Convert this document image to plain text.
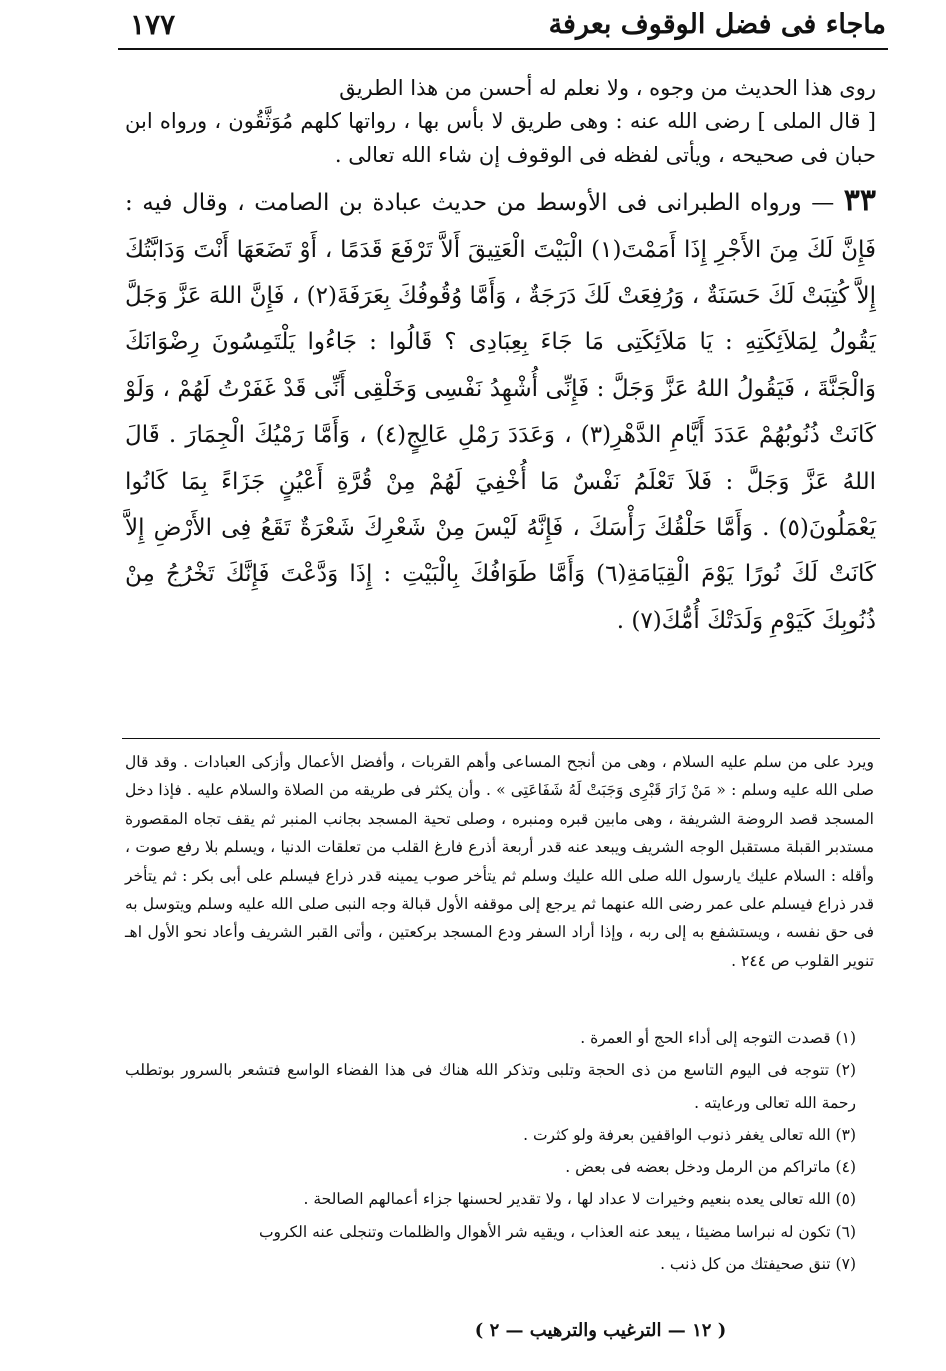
ماجاء فى فضل الوقوف بعرفة
١٧٧

روى هذا الحديث من وجوه ، ولا نعلم له أحسن من هذا الطريق

[ قال الملى ] رضى الله عنه : وهى طريق لا بأس بها ، رواتها كلهم مُوَثَّقُون ، ورواه ابن حبان فى صحيحه ، ويأتى لفظه فى الوقوف إن شاء الله تعالى .

٣٣ — ورواه الطبرانى فى الأوسط من حديث عبادة بن الصامت ، وقال فيه : فَإِنَّ لَكَ مِنَ الأَجْرِ إِذَا أَمَمْتَ(١) الْبَيْتَ الْعَتِيقَ أَلاَّ تَرْفَعَ قَدَمًا ، أَوْ تَضَعَهَا أَنْتَ وَدَابَّتُكَ إِلاَّ كُتِبَتْ لَكَ حَسَنَةٌ ، وَرُفِعَتْ لَكَ دَرَجَةٌ ، وَأَمَّا وُقُوفُكَ بِعَرَفَةَ(٢) ، فَإِنَّ اللهَ عَزَّ وَجَلَّ يَقُولُ لِمَلاَئِكَتِهِ : يَا مَلاَئِكَتِى مَا جَاءَ بِعِبَادِى ؟ قَالُوا : جَاءُوا يَلْتَمِسُونَ رِضْوَانَكَ وَالْجَنَّةَ ، فَيَقُولُ اللهُ عَزَّ وَجَلَّ : فَإِنِّى أُشْهِدُ نَفْسِى وَخَلْقِى أَنِّى قَدْ غَفَرْتُ لَهُمْ ، وَلَوْ كَانَتْ ذُنُوبُهُمْ عَدَدَ أَيَّامِ الدَّهْرِ(٣) ، وَعَدَدَ رَمْلِ عَالِجٍ(٤) ، وَأَمَّا رَمْيُكَ الْجِمَارَ . قَالَ اللهُ عَزَّ وَجَلَّ : فَلاَ تَعْلَمُ نَفْسٌ مَا أُخْفِيَ لَهُمْ مِنْ قُرَّةِ أَعْيُنٍ جَزَاءً بِمَا كَانُوا يَعْمَلُونَ(٥) . وَأَمَّا حَلْقُكَ رَأْسَكَ ، فَإِنَّهُ لَيْسَ مِنْ شَعْرِكَ شَعْرَةٌ تَقَعُ فِى الأَرْضِ إِلاَّ كَانَتْ لَكَ نُورًا يَوْمَ الْقِيَامَةِ(٦) وَأَمَّا طَوَافُكَ بِالْبَيْتِ : إِذَا وَدَّعْتَ فَإِنَّكَ تَخْرُجُ مِنْ ذُنُوبِكَ كَيَوْمِ وَلَدَتْكَ أُمُّكَ(٧) .

ويرد على من سلم عليه السلام ، وهى من أنجح المساعى وأهم القربات ، وأفضل الأعمال وأزكى العبادات . وقد قال صلى الله عليه وسلم : « مَنْ زَارَ قَبْرِى وَجَبَتْ لَهُ شَفَاعَتِى » . وأن يكثر فى طريقه من الصلاة والسلام عليه . فإذا دخل المسجد قصد الروضة الشريفة ، وهى مابين قبره ومنبره ، وصلى تحية المسجد بجانب المنبر ثم يقف تجاه المقصورة مستدبر القبلة مستقبل الوجه الشريف ويبعد عنه قدر أربعة أذرع فارغ القلب من تعلقات الدنيا ، ويسلم بلا رفع صوت ، وأقله : السلام عليك يارسول الله صلى الله عليك وسلم ثم يتأخر صوب يمينه قدر ذراع فيسلم على أبى بكر : ثم يتأخر قدر ذراع فيسلم على عمر رضى الله عنهما ثم يرجع إلى موقفه الأول قبالة وجه النبى صلى الله عليه وسلم ويتوسل به فى حق نفسه ، ويستشفع به إلى ربه ، وإذا أراد السفر ودع المسجد بركعتين ، وأتى القبر الشريف وأعاد نحو الأول اهـ تنوير القلوب ص ٢٤٤ .

(١) قصدت التوجه إلى أداء الحج أو العمرة .

(٢) تتوجه فى اليوم التاسع من ذى الحجة وتلبى وتذكر الله هناك فى هذا الفضاء الواسع فتشعر بالسرور بوتطلب رحمة الله تعالى ورعايته .

(٣) الله تعالى يغفر ذنوب الواقفين بعرفة ولو كثرت .

(٤) ماتراكم من الرمل ودخل بعضه فى بعض .

(٥) الله تعالى يعده بنعيم وخيرات لا عداد لها ، ولا تقدير لحسنها جزاء أعمالهم الصالحة .

(٦) تكون له نبراسا مضيئا ، يبعد عنه العذاب ، ويقيه شر الأهوال والظلمات وتنجلى عنه الكروب

(٧) تنق صحيفتك من كل ذنب .

( ١٢ — الترغيب والترهيب — ٢ )
